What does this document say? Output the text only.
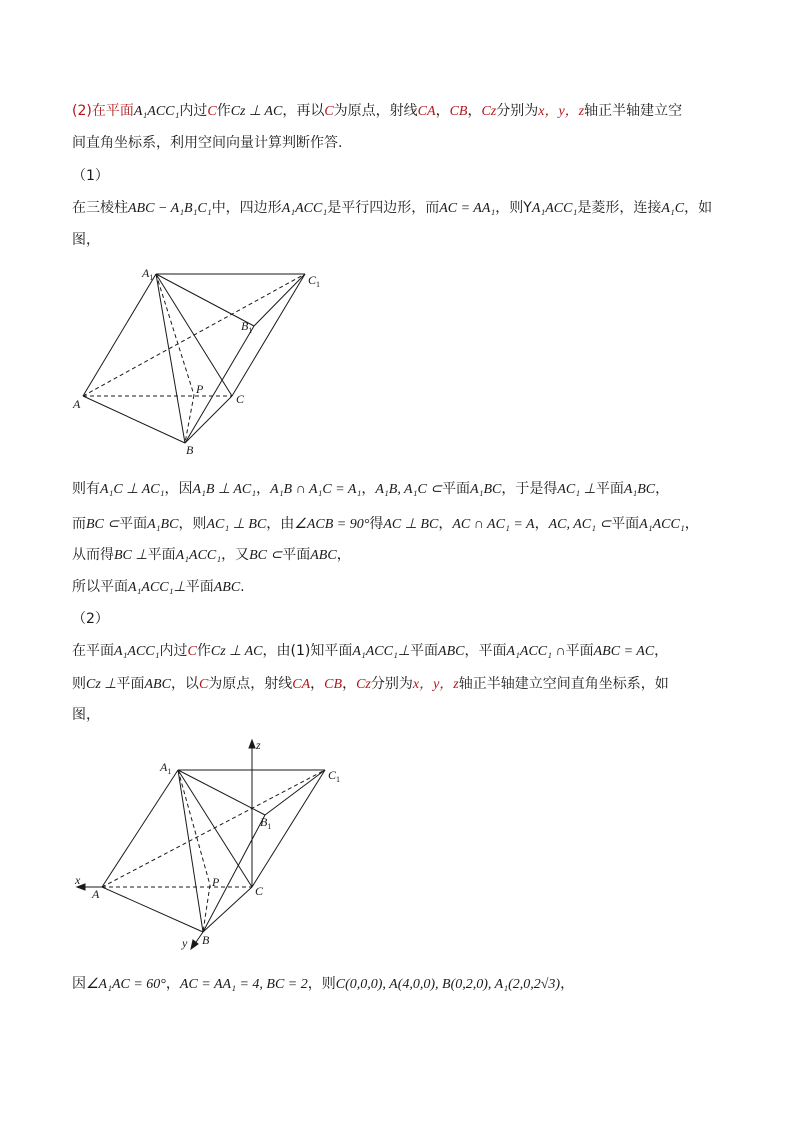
(2)在平面A₁ACC₁内过C作Cz ⊥ AC，再以C为原点，射线CA，CB，Cz分别为x，y，z轴正半轴建立空
间直角坐标系，利用空间向量计算判断作答.
（1）
在三棱柱ABC − A₁B₁C₁中，四边形A₁ACC₁是平行四边形，而AC = AA₁，则YA₁ACC₁是菱形，连接A₁C，如
图，
$A_1$	$C_1$
$B_1$
P
A	C
B
则有A₁C ⊥ AC₁，因A₁B ⊥ AC₁，A₁B ∩ A₁C = A₁，A₁B, A₁C ⊂平面A₁BC，于是得AC₁ ⊥平面A₁BC，
而BC ⊂平面A₁BC，则AC₁ ⊥ BC，由∠ACB = 90°得AC ⊥ BC，AC ∩ AC₁ = A，AC, AC₁ ⊂平面A₁ACC₁，
从而得BC ⊥平面A₁ACC₁，又BC ⊂平面ABC，
所以平面A₁ACC₁⊥平面ABC.
（2）
在平面A₁ACC₁内过C作Cz ⊥ AC，由(1)知平面A₁ACC₁⊥平面ABC，平面A₁ACC₁ ∩平面ABC = AC，
则Cz ⊥平面ABC，以C为原点，射线CA，CB，Cz分别为x，y，z轴正半轴建立空间直角坐标系，如
图，
z
x
y
$A_1$	$C_1$
$B_1$
P
A	C
B
因∠A₁AC = 60°，AC = AA₁ = 4, BC = 2，则C(0,0,0), A(4,0,0), B(0,2,0), A₁(2,0,2√3)，
